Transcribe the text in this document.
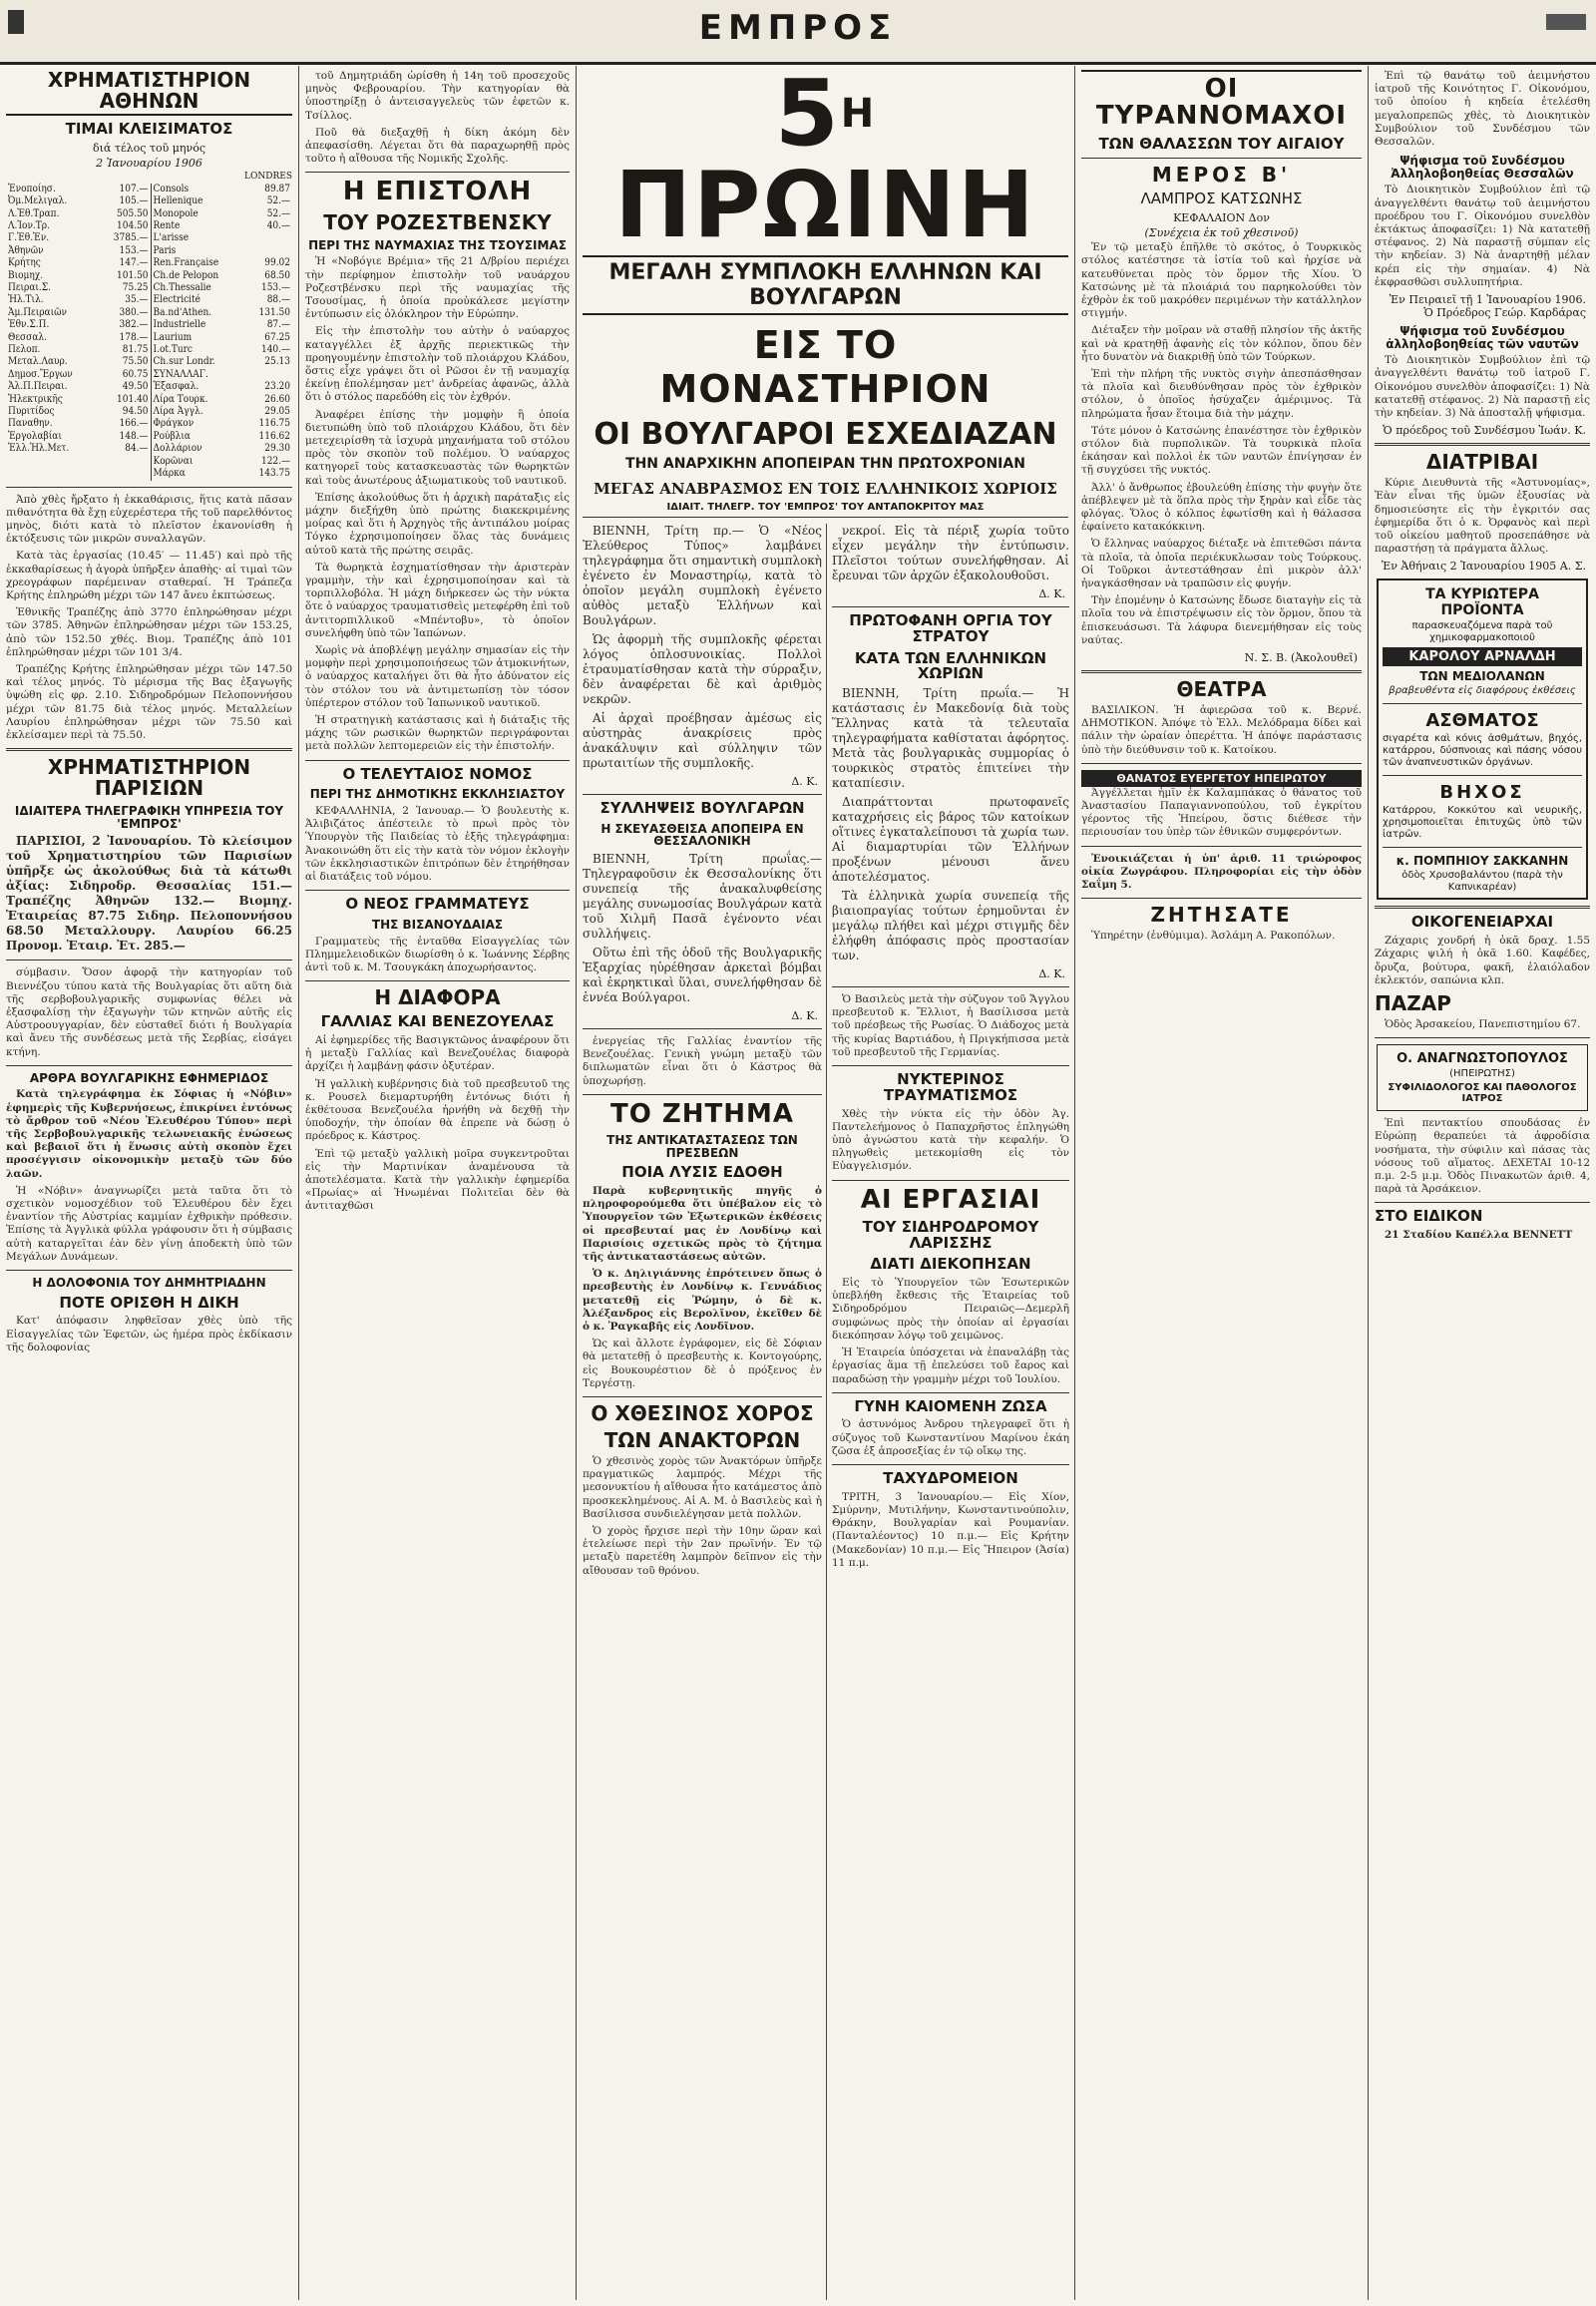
ΕΜΠΡΟΣ
ΧΡΗΜΑΤΙΣΤΗΡΙΟΝ ΑΘΗΝΩΝ
ΤΙΜΑΙ ΚΛΕΙΣΙΜΑΤΟΣ
διά τέλος τοῦ μηνός
2 Ἰανουαρίου 1906
LONDRES
Ἐνοποίησ.	107.—	Consols	89.87
Ὀμ.Μελιγαλ.	105.—	Hellenique	52.—
Λ.Ἐθ.Τραπ.	505.50	Monopole	52.—
Λ.Ἰον.Τρ.	104.50	Rente	40.—
Γ.Ἐθ.Ἐν.	3785.—	L'arisse	
Ἀθηνῶν	153.—	Paris	
Κρήτης	147.—	Ren.Française	99.02
Βιομηχ.	101.50	Ch.de Pelopon	68.50
Πειραι.Σ.	75.25	Ch.Thessalie	153.—
Ἠλ.Τιλ.	35.—	Electricité	88.—
Ἀμ.Πειραιῶν	380.—	Ba.nd'Athen.	131.50
Ἐθν.Σ.Π.	382.—	Industrielle	87.—
Θεσσαλ.	178.—	Laurium	67.25
Πελοπ.	81.75	I.ot.Turc	140.—
Μεταλ.Λαυρ.	75.50	Ch.sur Londr.	25.13
Δημοσ.Ἔργων	60.75	ΣΥΝΑΛΛΑΓ.	
Ἀλ.Π.Πειραι.	49.50	Ἑξασφαλ.	23.20
Ἠλεκτρικῆς	101.40	Λίρα Τουρκ.	26.60
Πυριτίδος	94.50	Λίρα Ἀγγλ.	29.05
Παναθην.	166.—	Φράγκον	116.75
Ἐργολαβίαι	148.—	Ρούβλια	116.62
Ἐλλ.Ἠλ.Μετ.	84.—	Δολλάριον	29.30
		Κορῶναι	122.—
		Μάρκα	143.75

Ἀπὸ χθὲς ἤρξατο ἡ ἐκκαθάρισις, ἥτις κατὰ πᾶσαν πιθανότητα θὰ ἔχῃ εὐχερέστερα τῆς τοῦ παρελθόντος μηνὸς, διότι κατὰ τὸ πλεῖστον ἐκανονίσθη ἡ ἐκτόξευσις τῶν μικρῶν συναλλαγῶν.

Κατὰ τὰς ἐργασίας (10.45′ — 11.45′) καὶ πρὸ τῆς ἐκκαθαρίσεως ἡ ἀγορὰ ὑπῆρξεν ἀπαθὴς· αἱ τιμαὶ τῶν χρεογράφων παρέμειναν σταθεραί. Ἡ Τράπεζα Κρήτης ἐπληρώθη μέχρι τῶν 147 ἄνευ ἐκπτώσεως.

Ἐθνικῆς Τραπέζης ἀπὸ 3770 ἐπληρώθησαν μέχρι τῶν 3785. Ἀθηνῶν ἐπληρώθησαν μέχρι τῶν 153.25, ἀπὸ τῶν 152.50 χθές. Βιομ. Τραπέζης ἀπὸ 101 ἐπληρώθησαν μέχρι τῶν 101 3/4.

Τραπέζης Κρήτης ἐπληρώθησαν μέχρι τῶν 147.50 καὶ τέλος μηνός. Τὸ μέρισμα τῆς Βας ἐξαγωγῆς ὑψώθη εἰς φρ. 2.10. Σιδηροδρόμων Πελοποννήσου μέχρι τῶν 81.75 διὰ τέλος μηνός. Μεταλλείων Λαυρίου ἐπληρώθησαν μέχρι τῶν 75.50 καὶ ἐκλείσαμεν περὶ τὰ 75.50.

ΧΡΗΜΑΤΙΣΤΗΡΙΟΝ ΠΑΡΙΣΙΩΝ
ΙΔΙΑΙΤΕΡΑ ΤΗΛΕΓΡΑΦΙΚΗ ΥΠΗΡΕΣΙΑ ΤΟΥ 'ΕΜΠΡΟΣ'

ΠΑΡΙΣΙΟΙ, 2 Ἰανουαρίου. Τὸ κλείσιμον τοῦ Χρηματιστηρίου τῶν Παρισίων ὑπῆρξε ὡς ἀκολούθως διὰ τὰ κάτωθι ἀξίας: Σιδηροδρ. Θεσσαλίας 151.— Τραπέζης Ἀθηνῶν 132.— Βιομηχ. Ἑταιρείας 87.75 Σιδηρ. Πελοποννήσου 68.50 Μεταλλουργ. Λαυρίου 66.25 Προνομ. Ἑταιρ. Ἐτ. 285.—

σύμβασιν. Ὅσον ἀφορᾷ τὴν κατηγορίαν τοῦ Βιεννέζου τύπου κατὰ τῆς Βουλγαρίας ὅτι αὕτη διὰ τῆς σερβοβουλγαρικῆς συμφωνίας θέλει νὰ ἐξασφαλίσῃ τὴν ἐξαγωγὴν τῶν κτηνῶν αὐτῆς εἰς Αὐστροουγγαρίαν, δὲν εὐσταθεῖ διότι ἡ Βουλγαρία καὶ ἄνευ τῆς συνδέσεως μετὰ τῆς Σερβίας, εἰσάγει κτήνη.

ΑΡΘΡΑ ΒΟΥΛΓΑΡΙΚΗΣ ΕΦΗΜΕΡΙΔΟΣ

Κατὰ τηλεγράφημα ἐκ Σόφιας ἡ «Νόβιν» ἐφημερὶς τῆς Κυβερνήσεως, ἐπικρίνει ἐντόνως τὸ ἄρθρον τοῦ «Νέου Ἐλευθέρου Τύπου» περὶ τῆς Σερβοβουλγαρικῆς τελωνειακῆς ἑνώσεως καὶ βεβαιοῖ ὅτι ἡ ἕνωσις αὐτὴ σκοπὸν ἔχει προσέγγισιν οἰκονομικὴν μεταξὺ τῶν δύο λαῶν.

Ἡ «Νόβιν» ἀναγνωρίζει μετὰ ταῦτα ὅτι τὸ σχετικὸν νομοσχέδιον τοῦ Ἐλευθέρου δὲν ἔχει ἐναντίον τῆς Αὐστρίας καμμίαν ἐχθρικὴν πρόθεσιν. Ἐπίσης τὰ Ἀγγλικὰ φύλλα γράφουσιν ὅτι ἡ σύμβασις αὐτὴ καταργεῖται ἐὰν δὲν γίνῃ ἀποδεκτὴ ὑπὸ τῶν Μεγάλων Δυνάμεων.

Η ΔΟΛΟΦΟΝΙΑ ΤΟΥ ΔΗΜΗΤΡΙΑΔΗΝ
ΠΟΤΕ ΟΡΙΣΘΗ Η ΔΙΚΗ

Κατ' ἀπόφασιν ληφθεῖσαν χθὲς ὑπὸ τῆς Εἰσαγγελίας τῶν Ἐφετῶν, ὡς ἡμέρα πρὸς ἐκδίκασιν τῆς δολοφονίας

τοῦ Δημητριάδη ὡρίσθη ἡ 14η τοῦ προσεχοῦς μηνὸς Φεβρουαρίου. Τὴν κατηγορίαν θὰ ὑποστηρίξῃ ὁ ἀντεισαγγελεὺς τῶν ἐφετῶν κ. Τσίλλος.

Ποῦ θὰ διεξαχθῇ ἡ δίκη ἀκόμη δὲν ἀπεφασίσθη. Λέγεται ὅτι θὰ παραχωρηθῇ πρὸς τοῦτο ἡ αἴθουσα τῆς Νομικῆς Σχολῆς.

Η ΕΠΙΣΤΟΛΗ
ΤΟΥ ΡΟΖΕΣΤΒΕΝΣΚΥ
ΠΕΡΙ ΤΗΣ ΝΑΥΜΑΧΙΑΣ ΤΗΣ ΤΣΟΥΣΙΜΑΣ

Ἡ «Νοβόγιε Βρέμια» τῆς 21 Δ/βρίου περιέχει τὴν περίφημον ἐπιστολὴν τοῦ ναυάρχου Ροζεστβένσκυ περὶ τῆς ναυμαχίας τῆς Τσουσίμας, ἡ ὁποία προὐκάλεσε μεγίστην ἐντύπωσιν εἰς ὁλόκληρον τὴν Εὐρώπην.

Εἰς τὴν ἐπιστολὴν του αὐτὴν ὁ ναύαρχος καταγγέλλει ἐξ ἀρχῆς περιεκτικῶς τὴν προηγουμένην ἐπιστολὴν τοῦ πλοιάρχου Κλάδου, ὅστις εἶχε γράψει ὅτι οἱ Ρῶσοι ἐν τῇ ναυμαχίᾳ ἐκείνῃ ἐπολέμησαν μετ' ἀνδρείας ἀφανῶς, ἀλλὰ ὅτι ὁ στόλος παρεδόθη εἰς τὸν ἐχθρόν.

Ἀναφέρει ἐπίσης τὴν μομφὴν ἣ ὁποία διετυπώθη ὑπὸ τοῦ πλοιάρχου Κλάδου, ὅτι δὲν μετεχειρίσθη τὰ ἱσχυρὰ μηχανήματα τοῦ στόλου πρὸς τὸν σκοπὸν τοῦ πολέμου. Ὁ ναύαρχος κατηγορεῖ τοὺς κατασκευαστὰς τῶν θωρηκτῶν καὶ τοὺς ἀνωτέρους ἀξιωματικοὺς τοῦ ναυτικοῦ.

Ἐπίσης ἀκολούθως ὅτι ἡ ἀρχικὴ παράταξις εἰς μάχην διεξήχθη ὑπὸ πρώτης διακεκριμένης μοίρας καὶ ὅτι ἡ Ἀρχηγὸς τῆς ἀντιπάλου μοίρας Τόγκο ἐχρησιμοποίησεν ὅλας τὰς δυνάμεις αὐτοῦ κατὰ τῆς πρώτης σειρᾶς.

Τὰ θωρηκτὰ ἐσχηματίσθησαν τὴν ἀριστερὰν γραμμὴν, τὴν καὶ ἐχρησιμοποίησαν καὶ τὰ τορπιλλοβόλα. Ἡ μάχη διήρκεσεν ὡς τὴν νύκτα ὅτε ὁ ναύαρχος τραυματισθεὶς μετεφέρθη ἐπὶ τοῦ ἀντιτορπιλλικοῦ «Μπέντοβυ», τὸ ὁποῖον συνελήφθη ὑπὸ τῶν Ἰαπώνων.

Χωρὶς νὰ ἀποβλέψῃ μεγάλην σημασίαν εἰς τὴν μομφὴν περὶ χρησιμοποιήσεως τῶν ἀτμοκινήτων, ὁ ναύαρχος καταλήγει ὅτι θὰ ἦτο ἀδύνατον εἰς τὸν στόλον του νὰ ἀντιμετωπίσῃ τὸν τόσον ὑπέρτερον στόλον τοῦ Ἰαπωνικοῦ ναυτικοῦ.

Ἡ στρατηγικὴ κατάστασις καὶ ἡ διάταξις τῆς μάχης τῶν ρωσικῶν θωρηκτῶν περιγράφονται μετὰ πολλῶν λεπτομερειῶν εἰς τὴν ἐπιστολήν.

Ο ΤΕΛΕΥΤΑΙΟΣ ΝΟΜΟΣ
ΠΕΡΙ ΤΗΣ ΔΗΜΟΤΙΚΗΣ ΕΚΚΛΗΣΙΑΣΤΟΥ

ΚΕΦΑΛΛΗΝΙΑ, 2 Ἰανουαρ.— Ὁ βουλευτὴς κ. Ἀλιβιζάτος ἀπέστειλε τὸ πρωὶ πρὸς τὸν Ὑπουργὸν τῆς Παιδείας τὸ ἑξῆς τηλεγράφημα: Ἀνακοινώθη ὅτι εἰς τὴν κατὰ τὸν νόμον ἐκλογὴν τῶν ἐκκλησιαστικῶν ἐπιτρόπων δὲν ἐτηρήθησαν αἱ διατάξεις τοῦ νόμου.

Ο ΝΕΟΣ ΓΡΑΜΜΑΤΕΥΣ
ΤΗΣ ΒΙΣΑΝΟΥΔΑΙΑΣ

Γραμματεὺς τῆς ἐνταῦθα Εἰσαγγελίας τῶν Πλημμελειοδικῶν διωρίσθη ὁ κ. Ἰωάννης Σέρβης ἀντὶ τοῦ κ. Μ. Τσουγκάκη ἀποχωρήσαντος.

Η ΔΙΑΦΟΡΑ
ΓΑΛΛΙΑΣ ΚΑΙ ΒΕΝΕΖΟΥΕΛΑΣ

Αἱ ἐφημερίδες τῆς Βασιγκτῶνος ἀναφέρουν ὅτι ἡ μεταξὺ Γαλλίας καὶ Βενεζουέλας διαφορὰ ἀρχίζει ἡ λαμβάνῃ φάσιν ὀξυτέραν.

Ἡ γαλλικὴ κυβέρνησις διὰ τοῦ πρεσβευτοῦ της κ. Ρουσελ διεμαρτυρήθη ἐντόνως διότι ἡ ἐκθέτουσα Βενεζουέλα ἠρνήθη νὰ δεχθῇ τὴν ὑποδοχήν, τὴν ὁποίαν θὰ ἐπρεπε νὰ δώσῃ ὁ πρόεδρος κ. Κάστρος.

Ἐπὶ τῷ μεταξὺ γαλλικὴ μοῖρα συγκεντροῦται εἰς τὴν Μαρτινίκαν ἀναμένουσα τὰ ἀποτελέσματα. Κατὰ τὴν γαλλικὴν ἐφημερίδα «Πρωίας» αἱ Ἡνωμέναι Πολιτεῖαι δὲν θὰ ἀντιταχθῶσι

$5^H$ ΠΡΩΙΝΗ
ΜΕΓΑΛΗ ΣΥΜΠΛΟΚΗ ΕΛΛΗΝΩΝ ΚΑΙ ΒΟΥΛΓΑΡΩΝ
ΕΙΣ ΤΟ ΜΟΝΑΣΤΗΡΙΟΝ
ΟΙ ΒΟΥΛΓΑΡΟΙ ΕΣΧΕΔΙΑΖΑΝ
ΤΗΝ ΑΝΑΡΧΙΚΗΝ ΑΠΟΠΕΙΡΑΝ ΤΗΝ ΠΡΩΤΟΧΡΟΝΙΑΝ
ΜΕΓΑΣ ΑΝΑΒΡΑΣΜΟΣ ΕΝ ΤΟΙΣ ΕΛΛΗΝΙΚΟΙΣ ΧΩΡΙΟΙΣ
ΙΔΙΑΙΤ. ΤΗΛΕΓΡ. ΤΟΥ 'ΕΜΠΡΟΣ' ΤΟΥ ΑΝΤΑΠΟΚΡΙΤΟΥ ΜΑΣ

ΒΙΕΝΝΗ, Τρίτη πρ.— Ὁ «Νέος Ἐλεύθερος Τύπος» λαμβάνει τηλεγράφημα ὅτι σημαντικὴ συμπλοκὴ ἐγένετο ἐν Μοναστηρίῳ, κατὰ τὸ ὁποῖον μεγάλη συμπλοκὴ ἐγένετο αὐθὸς μεταξὺ Ἑλλήνων καὶ Βουλγάρων.

Ὡς ἀφορμὴ τῆς συμπλοκῆς φέρεται λόγος ὁπλοσυνοικίας. Πολλοὶ ἐτραυματίσθησαν κατὰ τὴν σύρραξιν, δὲν ἀναφέρεται δὲ καὶ ἀριθμὸς νεκρῶν.

Αἱ ἀρχαὶ προέβησαν ἀμέσως εἰς αὐστηρὰς ἀνακρίσεις πρὸς ἀνακάλυψιν καὶ σύλληψιν τῶν πρωταιτίων τῆς συμπλοκῆς.

Δ. Κ.
ΣΥΛΛΗΨΕΙΣ ΒΟΥΛΓΑΡΩΝ
Η ΣΚΕΥΑΣΘΕΙΣΑ ΑΠΟΠΕΙΡΑ ΕΝ ΘΕΣΣΑΛΟΝΙΚΗ

ΒΙΕΝΝΗ, Τρίτη πρωΐας.— Τηλεγραφοῦσιν ἐκ Θεσσαλονίκης ὅτι συνεπείᾳ τῆς ἀνακαλυφθείσης μεγάλης συνωμοσίας Βουλγάρων κατὰ τοῦ Χιλμῆ Πασᾶ ἐγένοντο νέαι συλλήψεις.

Οὕτω ἐπὶ τῆς ὁδοῦ τῆς Βουλγαρικῆς Ἐξαρχίας ηὑρέθησαν ἀρκεταὶ βόμβαι καὶ ἐκρηκτικαὶ ὕλαι, συνελήφθησαν δὲ ἑννέα Βούλγαροι.

Δ. Κ.

ἐνεργείας τῆς Γαλλίας ἐναντίον τῆς Βενεζουέλας. Γενικὴ γνώμη μεταξὺ τῶν διπλωματῶν εἶναι ὅτι ὁ Κάστρος θὰ ὑποχωρήσῃ.

ΤΟ ΖΗΤΗΜΑ
ΤΗΣ ΑΝΤΙΚΑΤΑΣΤΑΣΕΩΣ ΤΩΝ ΠΡΕΣΒΕΩΝ
ΠΟΙΑ ΛΥΣΙΣ ΕΔΟΘΗ

Παρὰ κυβερνητικῆς πηγῆς ὁ πληροφορούμεθα ὅτι ὑπέβαλον εἰς τὸ Ὑπουργεῖον τῶν Ἐξωτερικῶν ἐκθέσεις οἱ πρεσβευταί μας ἐν Λονδίνῳ καὶ Παρισίοις σχετικῶς πρὸς τὸ ζήτημα τῆς ἀντικαταστάσεως αὐτῶν.

Ὁ κ. Δηλιγιάννης ἐπρότεινεν ὅπως ὁ πρεσβευτὴς ἐν Λονδίνῳ κ. Γεννάδιος μετατεθῇ εἰς Ῥώμην, ὁ δὲ κ. Ἀλέξανδρος εἰς Βερολῖνον, ἐκεῖθεν δὲ ὁ κ. Ῥαγκαβῆς εἰς Λονδῖνον.

Ὡς καὶ ἄλλοτε ἐγράφομεν, εἰς δὲ Σόφιαν θὰ μετατεθῇ ὁ πρεσβευτὴς κ. Κοντογούρης, εἰς Βουκουρέστιον δὲ ὁ πρόξενος ἐν Τεργέστῃ.

Ο ΧΘΕΣΙΝΟΣ ΧΟΡΟΣ
ΤΩΝ ΑΝΑΚΤΟΡΩΝ

Ὁ χθεσινὸς χορὸς τῶν Ἀνακτόρων ὑπῆρξε πραγματικῶς λαμπρός. Μέχρι τῆς μεσονυκτίου ἡ αἴθουσα ἦτο κατάμεστος ἀπὸ προσκεκλημένους. Αἱ Α. Μ. ὁ Βασιλεὺς καὶ ἡ Βασίλισσα συνδιελέγησαν μετὰ πολλῶν.

Ὁ χορὸς ἤρχισε περὶ τὴν 10ην ὥραν καὶ ἐτελείωσε περὶ τὴν 2αν πρωϊνήν. Ἐν τῷ μεταξὺ παρετέθη λαμπρὸν δεῖπνον εἰς τὴν αἴθουσαν τοῦ θρόνου.

νεκροί. Εἰς τὰ πέριξ χωρία τοῦτο εἶχεν μεγάλην τὴν ἐντύπωσιν. Πλεῖστοι τούτων συνελήφθησαν. Αἱ ἔρευναι τῶν ἀρχῶν ἐξακολουθοῦσι.

Δ. Κ.
ΠΡΩΤΟΦΑΝΗ ΟΡΓΙΑ ΤΟΥ ΣΤΡΑΤΟΥ
ΚΑΤΑ ΤΩΝ ΕΛΛΗΝΙΚΩΝ ΧΩΡΙΩΝ

ΒΙΕΝΝΗ, Τρίτη πρωΐα.— Ἡ κατάστασις ἐν Μακεδονίᾳ διὰ τοὺς Ἕλληνας κατὰ τὰ τελευταῖα τηλεγραφήματα καθίσταται ἀφόρητος. Μετὰ τὰς βουλγαρικὰς συμμορίας ὁ τουρκικὸς στρατὸς ἐπιτείνει τὴν καταπίεσιν.

Διαπράττονται πρωτοφανεῖς καταχρήσεις εἰς βάρος τῶν κατοίκων οἵτινες ἐγκαταλείπουσι τὰ χωρία των. Αἱ διαμαρτυρίαι τῶν Ἑλλήνων προξένων μένουσι ἄνευ ἀποτελέσματος.

Τὰ ἑλληνικὰ χωρία συνεπείᾳ τῆς βιαιοπραγίας τούτων ἐρημοῦνται ἐν μεγάλῳ πλήθει καὶ μέχρι στιγμῆς δὲν ἐλήφθη ἀπόφασις πρὸς προστασίαν των.

Δ. Κ.

Ὁ Βασιλεὺς μετὰ τὴν σύζυγον τοῦ Ἄγγλου πρεσβευτοῦ κ. Ἔλλιοτ, ἡ Βασίλισσα μετὰ τοῦ πρέσβεως τῆς Ρωσίας. Ὁ Διάδοχος μετὰ τῆς κυρίας Βαρτιάδου, ἡ Πριγκήπισσα μετὰ τοῦ πρεσβευτοῦ τῆς Γερμανίας.

ΝΥΚΤΕΡΙΝΟΣ ΤΡΑΥΜΑΤΙΣΜΟΣ

Χθὲς τὴν νύκτα εἰς τὴν ὁδὸν Ἁγ. Παντελεήμονος ὁ Παπαχρῆστος ἐπληγώθη ὑπὸ ἀγνώστου κατὰ τὴν κεφαλήν. Ὁ πληγωθεὶς μετεκομίσθη εἰς τὸν Εὐαγγελισμόν.

ΑΙ ΕΡΓΑΣΙΑΙ
ΤΟΥ ΣΙΔΗΡΟΔΡΟΜΟΥ ΛΑΡΙΣΣΗΣ
ΔΙΑΤΙ ΔΙΕΚΟΠΗΣΑΝ

Εἰς τὸ Ὑπουργεῖον τῶν Ἐσωτερικῶν ὑπεβλήθη ἔκθεσις τῆς Ἑταιρείας τοῦ Σιδηροδρόμου Πειραιῶς—Δεμερλῆ συμφώνως πρὸς τὴν ὁποίαν αἱ ἐργασίαι διεκόπησαν λόγῳ τοῦ χειμῶνος.

Ἡ Ἑταιρεία ὑπόσχεται νὰ ἐπαναλάβῃ τὰς ἐργασίας ἅμα τῇ ἐπελεύσει τοῦ ἔαρος καὶ παραδώσῃ τὴν γραμμὴν μέχρι τοῦ Ἰουλίου.

ΓΥΝΗ ΚΑΙΟΜΕΝΗ ΖΩΣΑ

Ὁ ἀστυνόμος Ἀνδρου τηλεγραφεῖ ὅτι ἡ σύζυγος τοῦ Κωνσταντίνου Μαρίνου ἐκάη ζῶσα ἐξ ἀπροσεξίας ἐν τῷ οἴκῳ της.

ΤΑΧΥΔΡΟΜΕΙΟΝ

ΤΡΙΤΗ, 3 Ἰανουαρίου.— Εἰς Χίον, Σμύρνην, Μυτιλήνην, Κωνσταντινούπολιν, Θράκην, Βουλγαρίαν καὶ Ρουμανίαν. (Πανταλέοντος) 10 π.μ.— Εἰς Κρήτην (Μακεδονίαν) 10 π.μ.— Εἰς Ἤπειρον (Ἀσία) 11 π.μ.

ΟΙ ΤΥΡΑΝΝΟΜΑΧΟΙ
ΤΩΝ ΘΑΛΑΣΣΩΝ ΤΟΥ ΑΙΓΑΙΟΥ
ΜΕΡΟΣ Β'
ΛΑΜΠΡΟΣ ΚΑΤΣΩΝΗΣ
ΚΕΦΑΛΑΙΟΝ Δον
(Συνέχεια ἐκ τοῦ χθεσινοῦ)

Ἐν τῷ μεταξὺ ἐπῆλθε τὸ σκότος, ὁ Τουρκικὸς στόλος κατέστησε τὰ ἱστία τοῦ καὶ ἠρχίσε νὰ κατευθύνεται πρὸς τὸν ὅρμον τῆς Χίου. Ὁ Κατσώνης μὲ τὰ πλοιάριά του παρηκολούθει τὸν ἐχθρὸν ἐκ τοῦ μακρόθεν περιμένων τὴν κατάλληλον στιγμήν.

Διέταξεν τὴν μοῖραν νὰ σταθῇ πλησίον τῆς ἀκτῆς καὶ νὰ κρατηθῇ ἀφανὴς εἰς τὸν κόλπον, ὅπου δὲν ἦτο δυνατὸν νὰ διακριθῇ ὑπὸ τῶν Τούρκων.

Ἐπὶ τὴν πλήρη τῆς νυκτὸς σιγὴν ἀπεσπάσθησαν τὰ πλοῖα καὶ διευθύνθησαν πρὸς τὸν ἐχθρικὸν στόλον, ὁ ὁποῖος ἡσύχαζεν ἀμέριμνος. Τὰ πληρώματα ἦσαν ἕτοιμα διὰ τὴν μάχην.

Τότε μόνον ὁ Κατσώνης ἐπανέστησε τὸν ἐχθρικὸν στόλον διὰ πυρπολικῶν. Τὰ τουρκικὰ πλοῖα ἐκάησαν καὶ πολλοὶ ἐκ τῶν ναυτῶν ἐπνίγησαν ἐν τῇ συγχύσει τῆς νυκτός.

Ἀλλ' ὁ ἄνθρωπος ἐβουλεύθη ἐπίσης τὴν φυγὴν ὅτε ἀπέβλεψεν μὲ τὰ ὅπλα πρὸς τὴν ξηρὰν καὶ εἶδε τὰς φλόγας. Ὅλος ὁ κόλπος ἐφωτίσθη καὶ ἡ θάλασσα ἐφαίνετο κατακόκκινη.

Ὁ ἔλληνας ναύαρχος διέταξε νὰ ἐπιτεθῶσι πάντα τὰ πλοῖα, τὰ ὁποῖα περιέκυκλωσαν τοὺς Τούρκους. Οἱ Τοῦρκοι ἀντεστάθησαν ἐπὶ μικρὸν ἀλλ' ἠναγκάσθησαν νὰ τραπῶσιν εἰς φυγήν.

Τὴν ἐπομένην ὁ Κατσώνης ἔδωσε διαταγὴν εἰς τὰ πλοῖα του νὰ ἐπιστρέψωσιν εἰς τὸν ὅρμον, ὅπου τὰ ἐπισκευάσωσι. Τὰ λάφυρα διενεμήθησαν εἰς τοὺς ναύτας.

Ν. Σ. Β. (Ἀκολουθεῖ)
ΘΕΑΤΡΑ

ΒΑΣΙΛΙΚΟΝ. Ἡ ἀφιερῶσα τοῦ κ. Βερνέ. ΔΗΜΟΤΙΚΟΝ. Ἀπόψε τὸ Ἐλλ. Μελόδραμα δίδει καὶ πάλιν τὴν ὡραίαν ὀπερέττα. Ἡ ἀπόψε παράστασις ὑπὸ τὴν διεύθυνσιν τοῦ κ. Κατοίκου.

ΘΑΝΑΤΟΣ ΕΥΕΡΓΕΤΟΥ ΗΠΕΙΡΩΤΟΥ

Ἀγγέλλεται ἡμῖν ἐκ Καλαμπάκας ὁ θάνατος τοῦ Ἀναστασίου Παπαγιαννοπούλου, τοῦ ἐγκρίτου γέροντος τῆς Ἠπείρου, ὅστις διέθεσε τὴν περιουσίαν του ὑπὲρ τῶν ἐθνικῶν συμφερόντων.

Ἐνοικιάζεται ἡ ὑπ' ἀριθ. 11 τριώροφος οἰκία Ζωγράφου. Πληροφορίαι εἰς τὴν ὁδὸν Σαΐμη 5.

ΖΗΤΗΣΑΤΕ

Ὑπηρέτην (ἐνθύμιμα). Ἀσλάμη Α. Ρακοπόλων.

Ἐπὶ τῷ θανάτῳ τοῦ ἀειμνήστου ἰατροῦ τῆς Κοινότητος Γ. Οἰκονόμου, τοῦ ὁποίου ἡ κηδεία ἐτελέσθη μεγαλοπρεπῶς χθὲς, τὸ Διοικητικὸν Συμβούλιον τοῦ Συνδέσμου τῶν Θεσσαλῶν.

Ψήφισμα τοῦ Συνδέσμου Ἀλληλοβοηθείας Θεσσαλῶν

Τὸ Διοικητικὸν Συμβούλιον ἐπὶ τῷ ἀναγγελθέντι θανάτῳ τοῦ ἀειμνήστου προέδρου του Γ. Οἰκονόμου συνελθὸν ἐκτάκτως ἀποφασίζει: 1) Νὰ κατατεθῇ στέφανος. 2) Νὰ παραστῇ σύμπαν εἰς τὴν κηδείαν. 3) Νὰ ἀναρτηθῇ μέλαν κρέπ εἰς τὴν σημαίαν. 4) Νὰ ἐκφρασθῶσι συλλυπητήρια.

Ἐν Πειραιεῖ τῇ 1 Ἰανουαρίου 1906. Ὁ Πρόεδρος Γεώρ. Καρδάρας
Ψήφισμα τοῦ Συνδέσμου ἀλληλοβοηθείας τῶν ναυτῶν

Τὸ Διοικητικὸν Συμβούλιον ἐπὶ τῷ ἀναγγελθέντι θανάτῳ τοῦ ἰατροῦ Γ. Οἰκονόμου συνελθὸν ἀποφασίζει: 1) Νὰ κατατεθῇ στέφανος. 2) Νὰ παραστῇ εἰς τὴν κηδείαν. 3) Νὰ ἀποσταλῇ ψήφισμα.

Ὁ πρόεδρος τοῦ Συνδέσμου Ἰωάν. Κ.
ΔΙΑΤΡΙΒΑΙ

Κύριε Διευθυντὰ τῆς «Ἀστυνομίας», Ἐὰν εἶναι τῆς ὑμῶν ἐξουσίας νὰ δημοσιεύσητε εἰς τὴν ἐγκριτόν σας ἐφημερίδα ὅτι ὁ κ. Ὀρφανὸς καὶ περὶ τοῦ οἰκείου μαθητοῦ προσεπάθησε νὰ παραστήσῃ τὰ πράγματα ἄλλως.

Ἐν Ἀθήναις 2 Ἰανουαρίου 1905 Α. Σ.
ΤΑ ΚΥΡΙΩΤΕΡΑ ΠΡΟΪΟΝΤΑ
παρασκευαζόμενα παρὰ τοῦ χημικοφαρμακοποιοῦ
ΚΑΡΟΛΟΥ ΑΡΝΑΛΔΗ
ΤΩΝ ΜΕΔΙΟΛΑΝΩΝ
βραβευθέντα εἰς διαφόρους ἐκθέσεις
ΑΣΘΜΑΤΟΣ
σιγαρέτα καὶ κόνις ἀσθμάτων, βηχός, κατάρρου, δύσπνοιας καὶ πάσης νόσου τῶν ἀναπνευστικῶν ὀργάνων.
ΒΗΧΟΣ
Κατάρρου, Κοκκύτου καὶ νευρικῆς, χρησιμοποιεῖται ἐπιτυχῶς ὑπὸ τῶν ἰατρῶν.
κ. ΠΟΜΠΗΙΟΥ ΣΑΚΚΑΝΗΝ
ὁδὸς Χρυσοβαλάντου (παρὰ τὴν Καπνικαρέαν)
ΟΙΚΟΓΕΝΕΙΑΡΧΑΙ

Ζάχαρις χονδρή ἡ ὀκᾶ δραχ. 1.55 Ζάχαρις ψιλή ἡ ὀκᾶ 1.60. Καφέδες, ὄρυζα, βούτυρα, φακῆ, ἐλαιόλαδον ἐκλεκτόν, σαπώνια κλπ.

ΠΑΖΑΡ

Ὁδὸς Ἀρσακείου, Πανεπιστημίου 67.

Ο. ΑΝΑΓΝΩΣΤΟΠΟΥΛΟΣ
(ΗΠΕΙΡΩΤΗΣ)
ΣΥΦΙΛΙΔΟΛΟΓΟΣ ΚΑΙ ΠΑΘΟΛΟΓΟΣ ΙΑΤΡΟΣ

Ἐπὶ πεντακτίου σπουδάσας ἐν Εὐρώπῃ θεραπεύει τὰ ἀφροδίσια νοσήματα, τὴν σύφιλιν καὶ πάσας τὰς νόσους τοῦ αἵματος. ΔΕΧΕΤΑΙ 10-12 π.μ. 2-5 μ.μ. Ὁδὸς Πινακωτῶν ἀριθ. 4, παρὰ τὰ Ἀρσάκειον.

ΣΤΟ ΕΙΔΙΚΟΝ

21 Σταδίου Καπέλλα ΒΕΝΝΕΤΤ
